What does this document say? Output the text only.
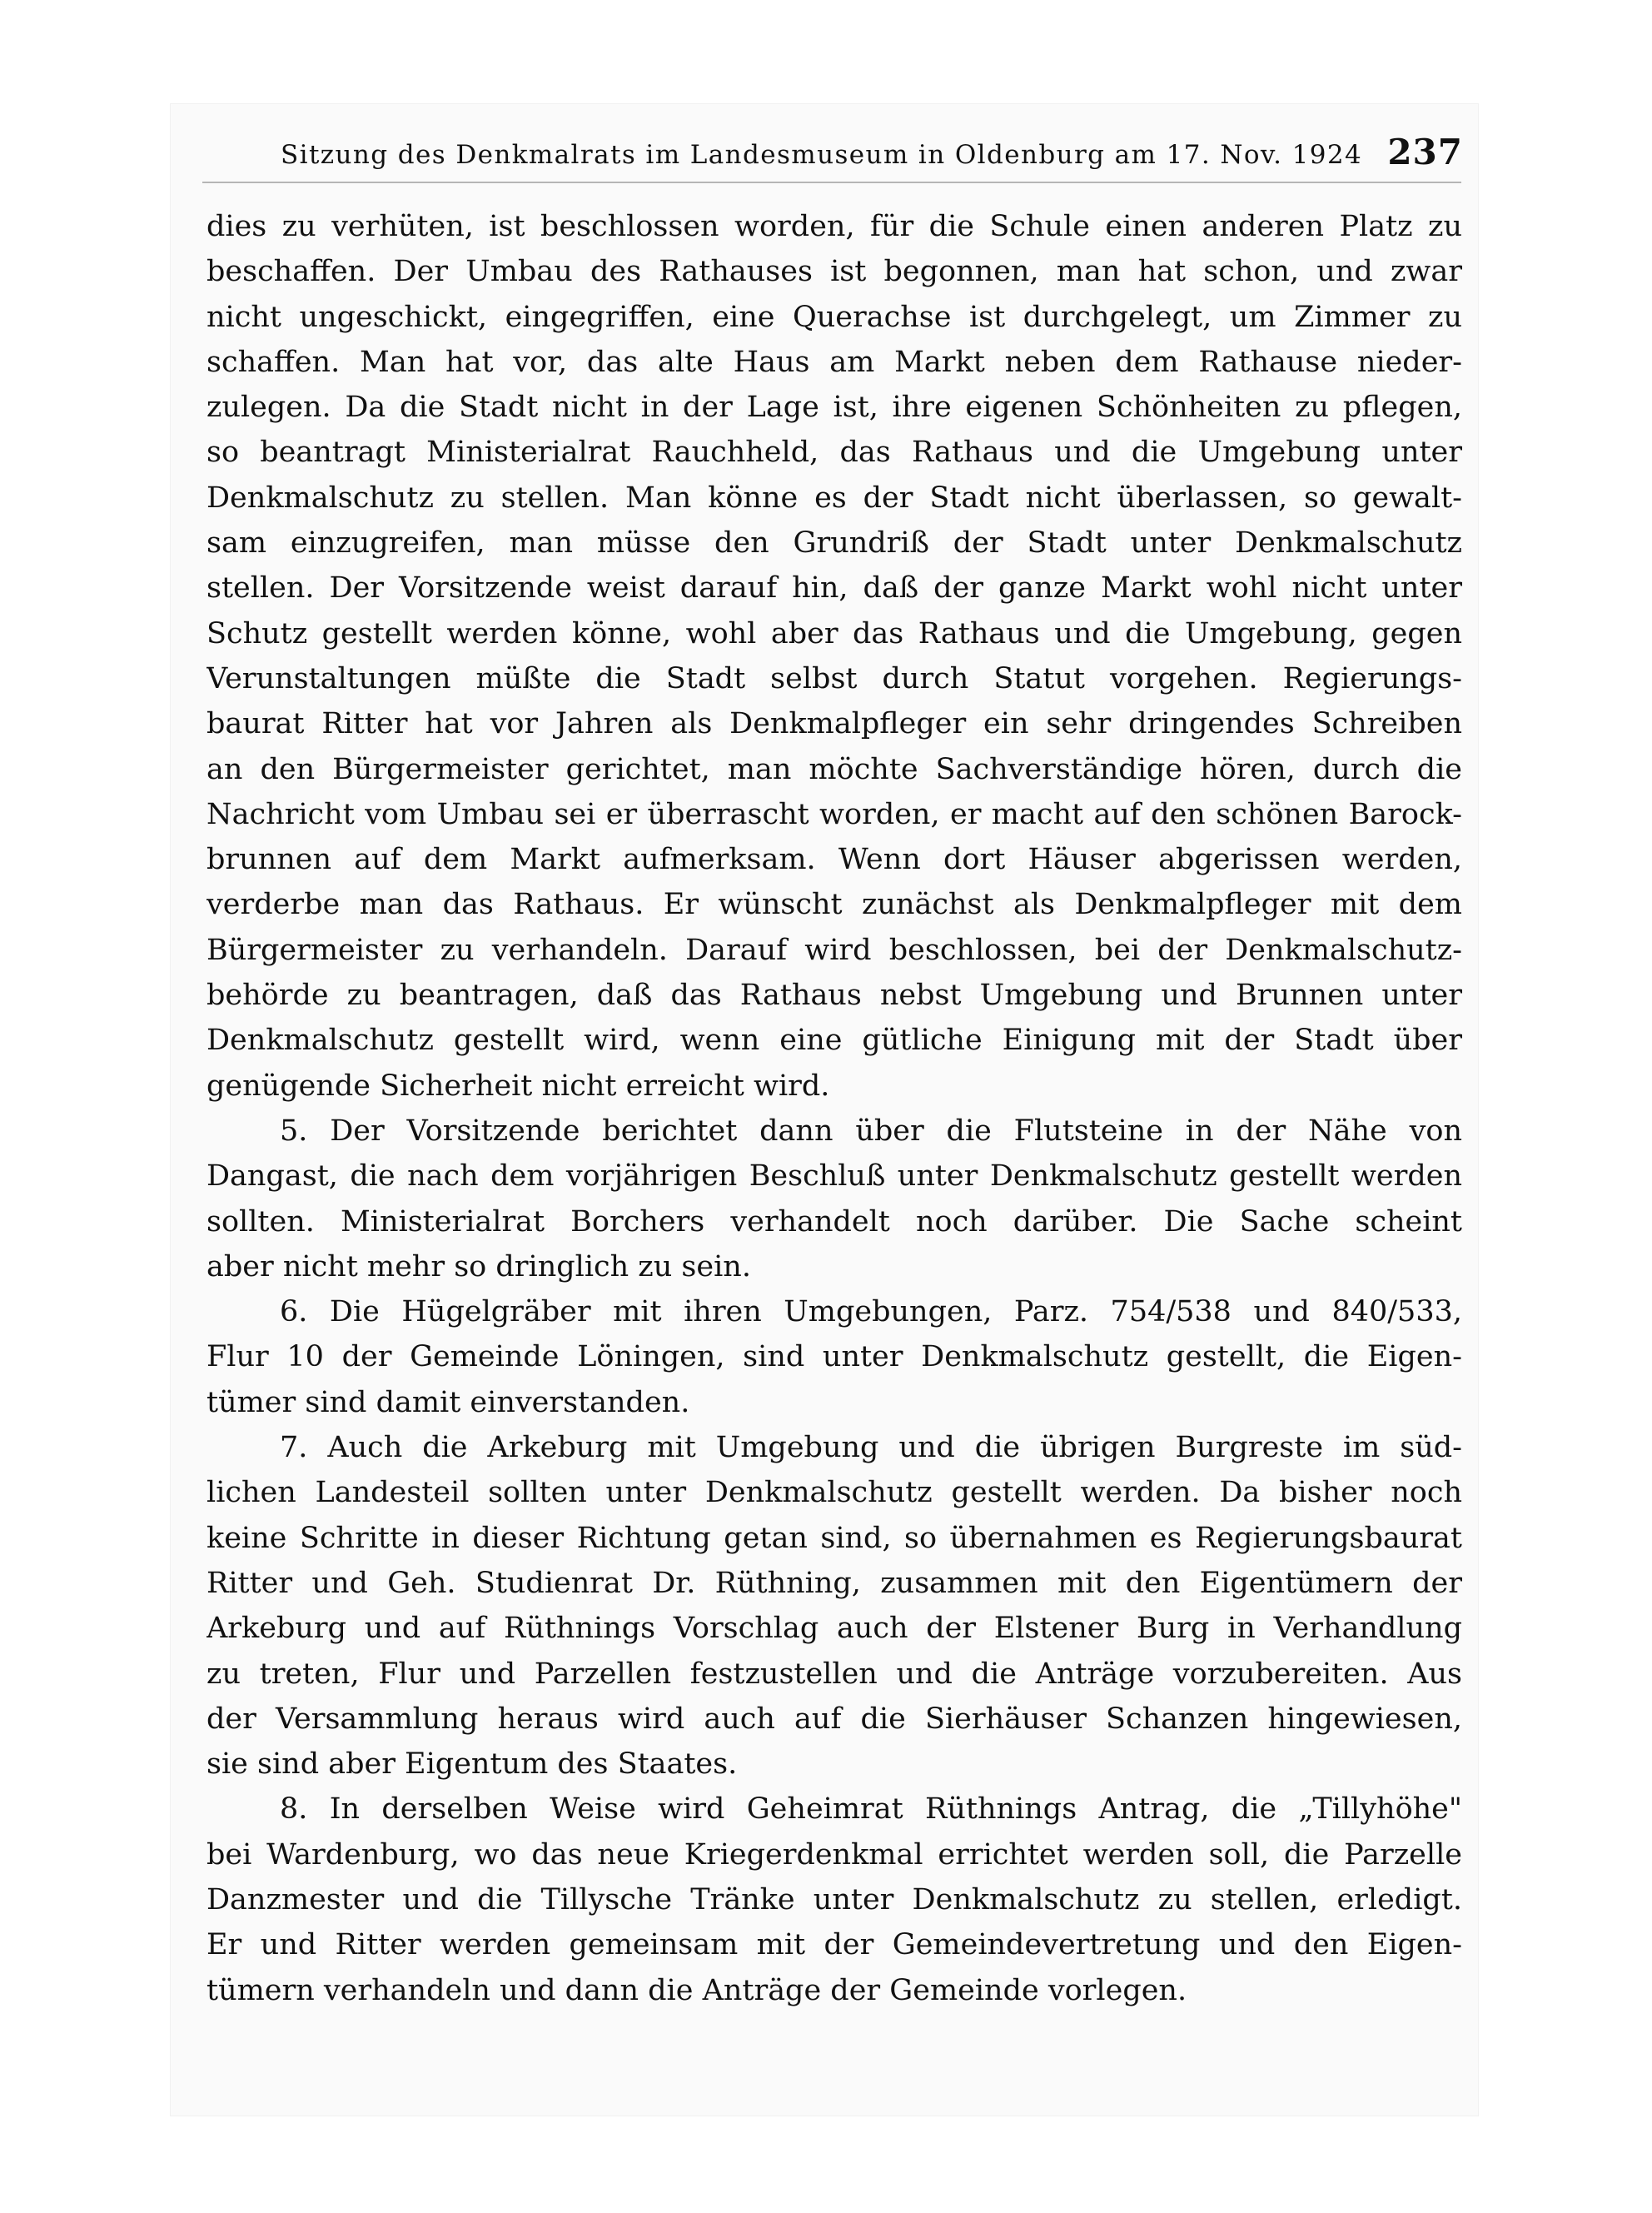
Sitzung des Denkmalrats im Landesmuseum in Oldenburg am 17. Nov. 1924 237
dies zu verhüten, ist beschlossen worden, für die Schule einen anderen Platz zu
beschaffen. Der Umbau des Rathauses ist begonnen, man hat schon, und zwar
nicht ungeschickt, eingegriffen, eine Querachse ist durchgelegt, um Zimmer zu
schaffen. Man hat vor, das alte Haus am Markt neben dem Rathause nieder-
zulegen. Da die Stadt nicht in der Lage ist, ihre eigenen Schönheiten zu pflegen,
so beantragt Ministerialrat Rauchheld, das Rathaus und die Umgebung unter
Denkmalschutz zu stellen. Man könne es der Stadt nicht überlassen, so gewalt-
sam einzugreifen, man müsse den Grundriß der Stadt unter Denkmalschutz
stellen. Der Vorsitzende weist darauf hin, daß der ganze Markt wohl nicht unter
Schutz gestellt werden könne, wohl aber das Rathaus und die Umgebung, gegen
Verunstaltungen müßte die Stadt selbst durch Statut vorgehen. Regierungs-
baurat Ritter hat vor Jahren als Denkmalpfleger ein sehr dringendes Schreiben
an den Bürgermeister gerichtet, man möchte Sachverständige hören, durch die
Nachricht vom Umbau sei er überrascht worden, er macht auf den schönen Barock-
brunnen auf dem Markt aufmerksam. Wenn dort Häuser abgerissen werden,
verderbe man das Rathaus. Er wünscht zunächst als Denkmalpfleger mit dem
Bürgermeister zu verhandeln. Darauf wird beschlossen, bei der Denkmalschutz-
behörde zu beantragen, daß das Rathaus nebst Umgebung und Brunnen unter
Denkmalschutz gestellt wird, wenn eine gütliche Einigung mit der Stadt über
genügende Sicherheit nicht erreicht wird.
5. Der Vorsitzende berichtet dann über die Flutsteine in der Nähe von
Dangast, die nach dem vorjährigen Beschluß unter Denkmalschutz gestellt werden
sollten. Ministerialrat Borchers verhandelt noch darüber. Die Sache scheint
aber nicht mehr so dringlich zu sein.
6. Die Hügelgräber mit ihren Umgebungen, Parz. 754/538 und 840/533,
Flur 10 der Gemeinde Löningen, sind unter Denkmalschutz gestellt, die Eigen-
tümer sind damit einverstanden.
7. Auch die Arkeburg mit Umgebung und die übrigen Burgreste im süd-
lichen Landesteil sollten unter Denkmalschutz gestellt werden. Da bisher noch
keine Schritte in dieser Richtung getan sind, so übernahmen es Regierungsbaurat
Ritter und Geh. Studienrat Dr. Rüthning, zusammen mit den Eigentümern der
Arkeburg und auf Rüthnings Vorschlag auch der Elstener Burg in Verhandlung
zu treten, Flur und Parzellen festzustellen und die Anträge vorzubereiten. Aus
der Versammlung heraus wird auch auf die Sierhäuser Schanzen hingewiesen,
sie sind aber Eigentum des Staates.
8. In derselben Weise wird Geheimrat Rüthnings Antrag, die „Tillyhöhe"
bei Wardenburg, wo das neue Kriegerdenkmal errichtet werden soll, die Parzelle
Danzmester und die Tillysche Tränke unter Denkmalschutz zu stellen, erledigt.
Er und Ritter werden gemeinsam mit der Gemeindevertretung und den Eigen-
tümern verhandeln und dann die Anträge der Gemeinde vorlegen.
